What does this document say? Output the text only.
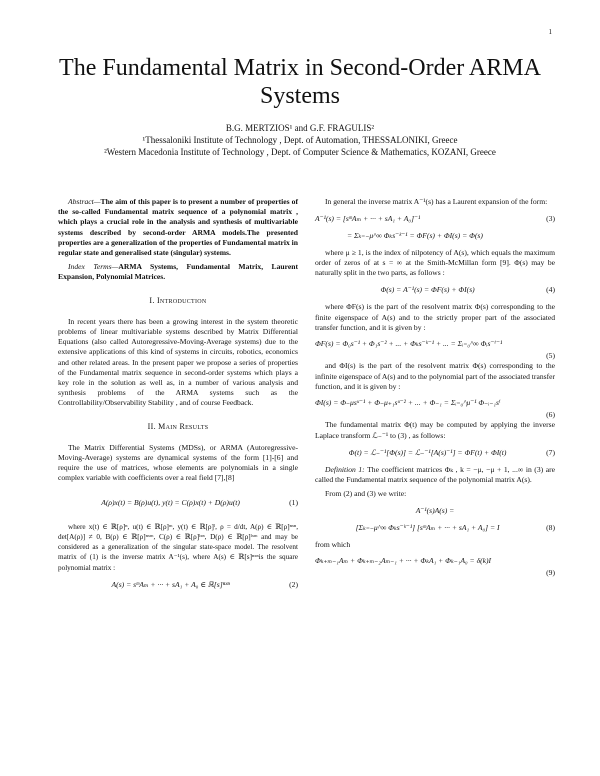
1
The Fundamental Matrix in Second-Order ARMA Systems
B.G. MERTZIOS¹ and G.F. FRAGULIS²
¹Thessaloniki Institute of Technology , Dept. of Automation, THESSALONIKI, Greece
²Western Macedonia Institute of Technology , Dept. of Computer Science & Mathematics, KOZANI, Greece

Abstract—The aim of this paper is to present a number of properties of the so-called Fundamental matrix sequence of a polynomial matrix , which plays a crucial role in the analysis and synthesis of multivariable systems described by second-order ARMA models.The presented properties are a generalization of the properties of Fundamental matrix in regular state and generalised state (singular) systems.

Index Terms—ARMA Systems, Fundamental Matrix, Laurent Expansion, Polynomial Matrices.

I. Introduction

In recent years there has been a growing interest in the system theoretic problems of linear multivariable systems described by Matrix Differential Equations (also called Autoregressive-Moving-Average systems) due to the extensive applications of this kind of systems in circuits, robotics, economics and other related areas. In the present paper we propose a series of properties of the Fundamental matrix sequence in second-order systems which plays a key role in the solution as well as, in a number of various analysis and synthesis problems of the ARMA systems such as the Controllability/Observability Stability , and of course Feedback.

II. Main Results

The Matrix Differential Systems (MDSs), or ARMA (Autoregressive-Moving-Average) systems are dynamical systems of the form [1]-[6] and require the use of matrices, whose elements are polynomials in a single complex variable with coefficients over a real field [7],[8]

A(ρ)x(t) = B(ρ)u(t), y(t) = C(ρ)x(t) + D(ρ)u(t)	(1)

where x(t) ∈ ℝ[ρ]ⁿ, u(t) ∈ ℝ[ρ]ᵐ, y(t) ∈ ℝ[ρ]ˡ, ρ = d/dt, A(ρ) ∈ ℝ[ρ]ⁿˣⁿ, det[A(ρ)] ≠ 0, B(ρ) ∈ ℝ[ρ]ⁿˣᵐ, C(ρ) ∈ ℝ[ρ]ˡˣⁿ, D(ρ) ∈ ℝ[ρ]ˡˣᵐ and may be considered as a generalization of the singular state-space model. The resolvent matrix of (1) is the inverse matrix A⁻¹(s), where A(s) ∈ ℝ[s]ⁿˣⁿis the square polynomial matrix :

A(s) = sᵐAₘ + ··· + sA₁ + A₀ ∈ ℝ[s]ⁿˣⁿ	(2)

In general the inverse matrix A⁻¹(s) has a Laurent expansion of the form:

A⁻¹(s) = [sᵐAₘ + ··· + sA₁ + A₀]⁻¹	(3)
= Σₖ₌₋μ^∞ Φₖs⁻ᵏ⁻¹ = ΦF(s) + ΦI(s) = Φ(s)

where μ ≥ 1, is the index of nilpotency of A(s), which equals the maximum order of zeros of at s = ∞ at the Smith-McMillan form [9]. Φ(s) may be naturally split in the two parts, as follows :

Φ(s) = A⁻¹(s) = ΦF(s) + ΦI(s)	(4)

where ΦF(s) is the part of the resolvent matrix Φ(s) corresponding to the finite eigenspace of A(s) and to the strictly proper part of the associated transfer function, and it is given by :

ΦF(s) = Φ₀s⁻¹ + Φ₁s⁻² + ... + Φₖs⁻ᵏ⁻¹ + ... = Σᵢ₌₀^∞ Φᵢs⁻ⁱ⁻¹
(5)

and ΦI(s) is the part of the resolvent matrix Φ(s) corresponding to the infinite eigenspace of A(s) and to the polynomial part of the associated transfer function, and it is given by :

ΦI(s) = Φ₋μsᵘ⁻¹ + Φ₋μ₊₁sᵘ⁻² + ... + Φ₋₁ = Σᵢ₌₀^μ⁻¹ Φ₋ᵢ₋₁sⁱ
(6)

The fundamental matrix Φ(t) may be computed by applying the inverse Laplace transform ℒ₋⁻¹ to (3) , as follows:

Φ(t) = ℒ₋⁻¹[Φ(s)] = ℒ₋⁻¹[A(s)⁻¹] = ΦF(t) + ΦI(t)	(7)

Definition 1: The coefficient matrices Φₖ , k = −μ, −μ + 1, ...∞ in (3) are called the Fundamental matrix sequence of the polynomial matrix A(s).

From (2) and (3) we write:

A⁻¹(s)A(s) =
[Σₖ₌₋μ^∞ Φₖs⁻ᵏ⁻¹] [sᵐAₘ + ··· + sA₁ + A₀] = I	(8)

from which

Φₖ₊ₘ₋₁Aₘ + Φₖ₊ₘ₋₂Aₘ₋₁ + ··· + ΦₖA₁ + Φₖ₋₁A₀ = δ(k)I
(9)
